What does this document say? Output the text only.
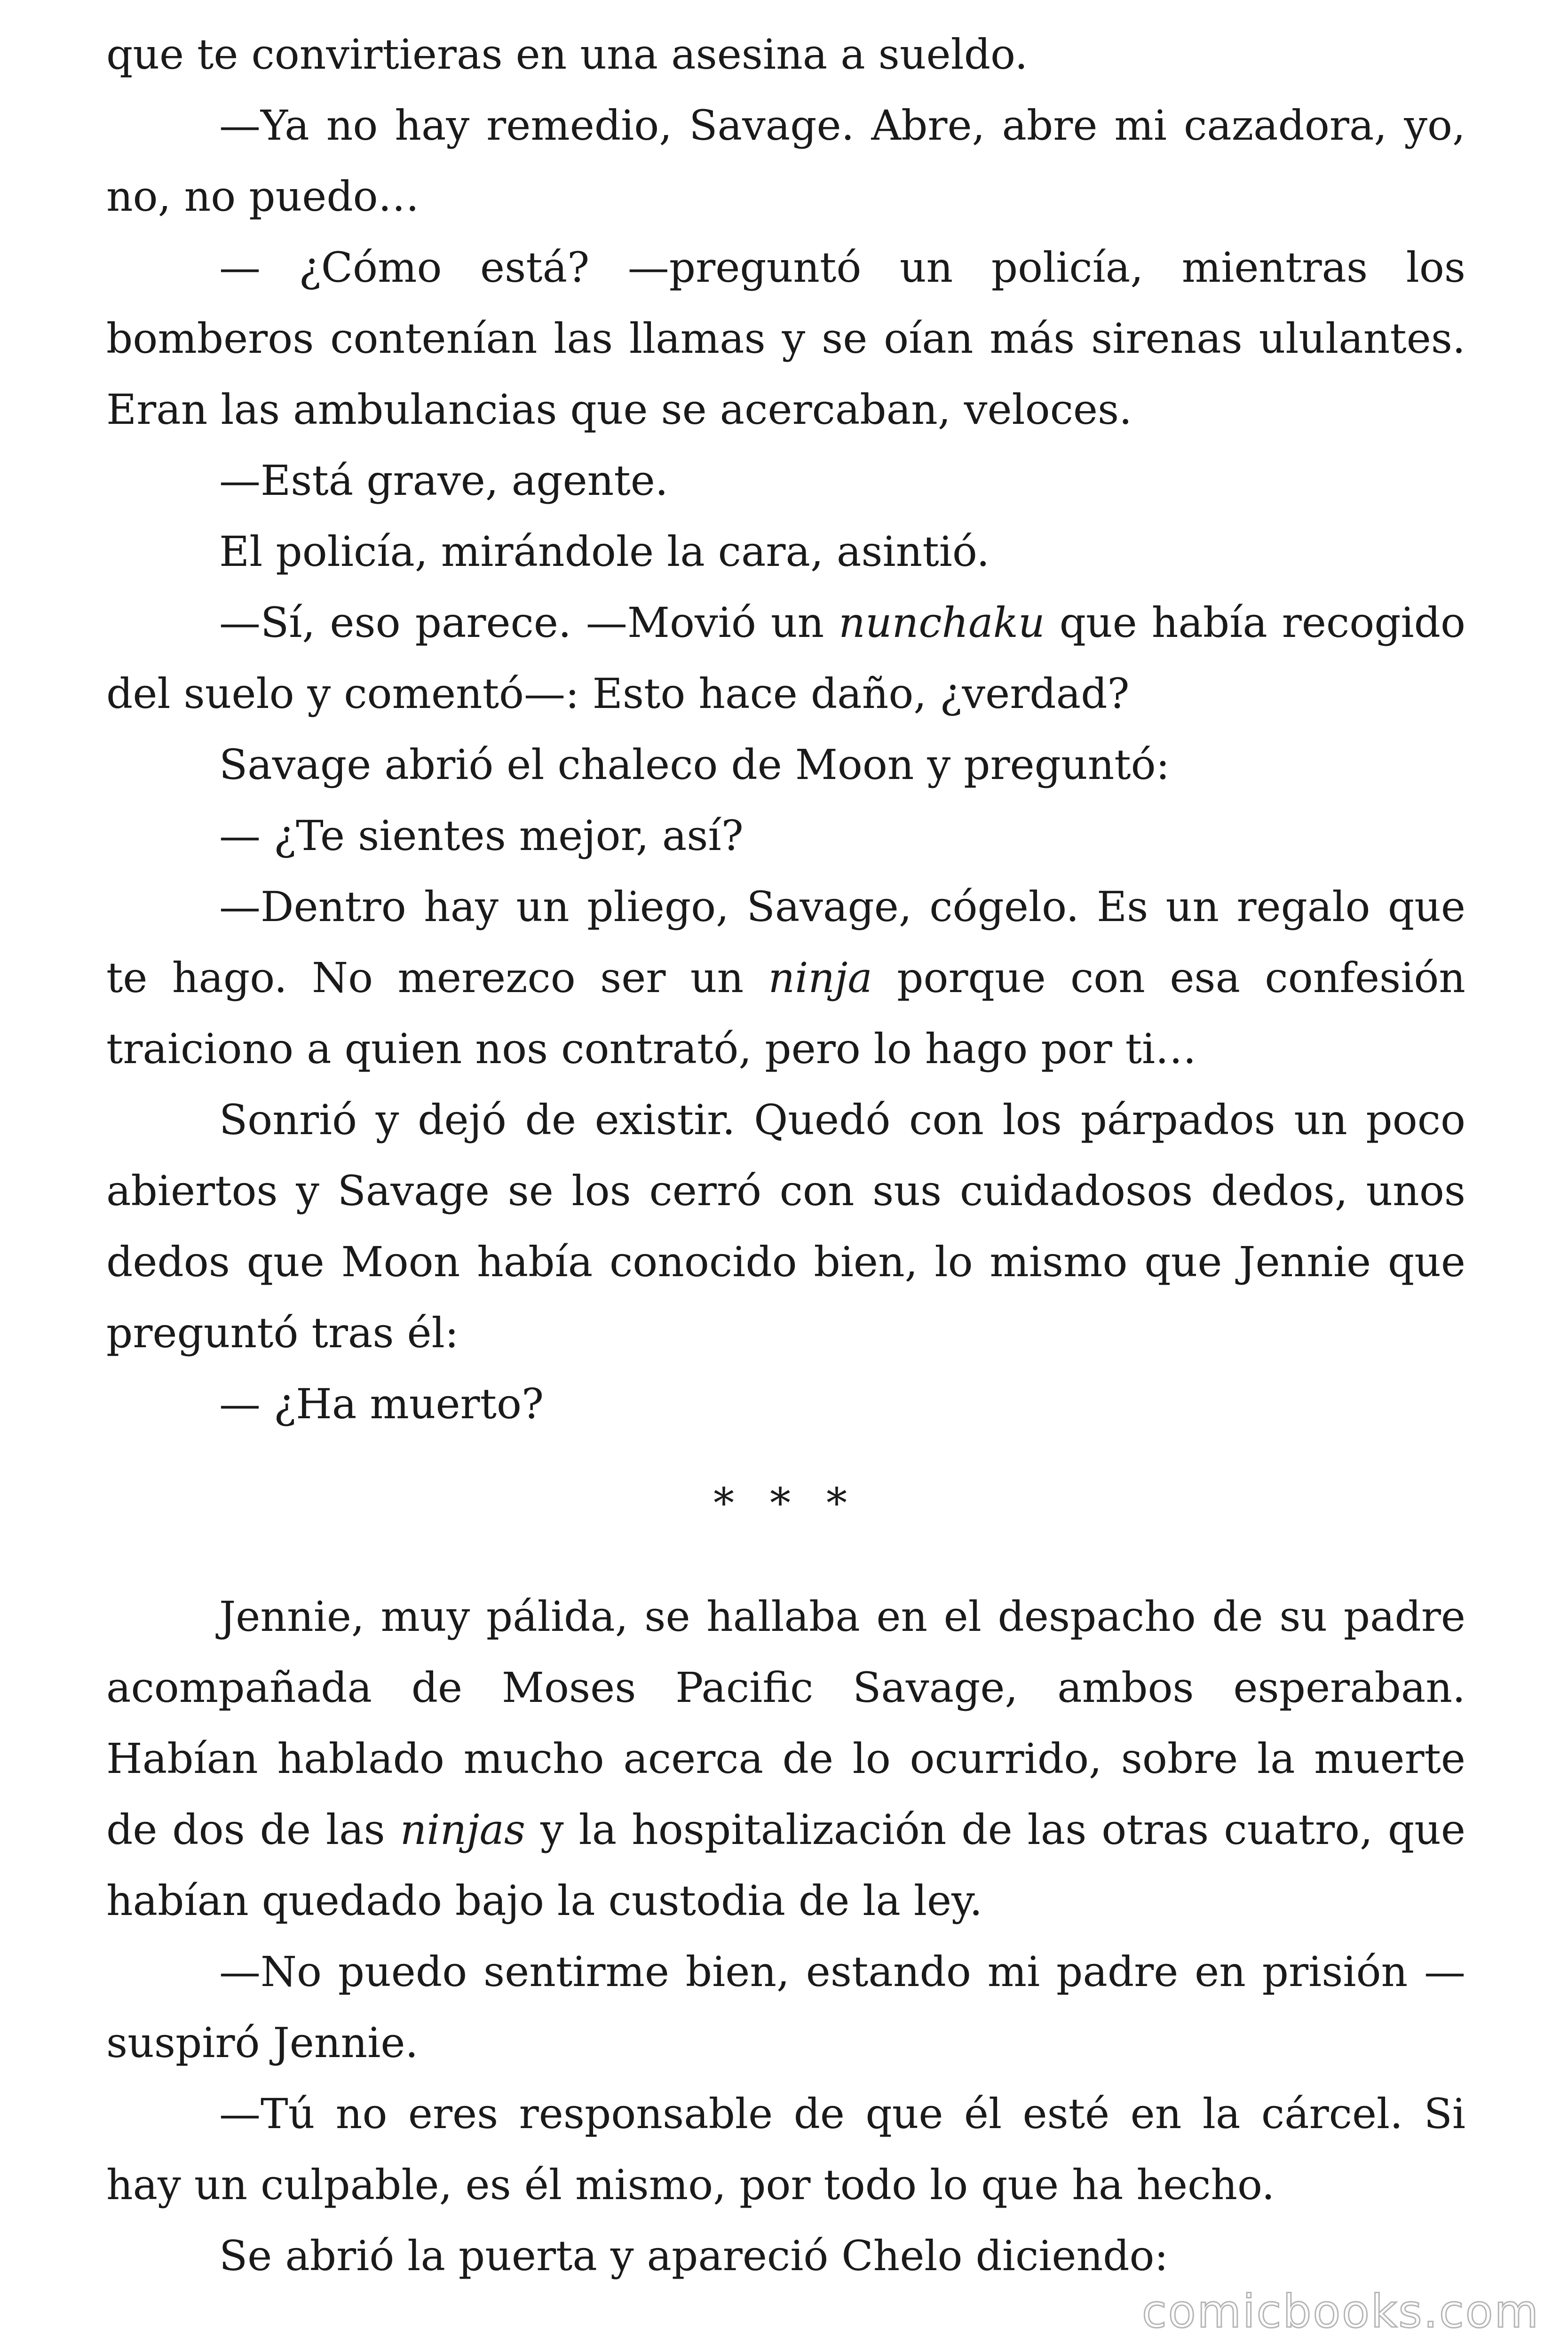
que te convirtieras en una asesina a sueldo.

—Ya no hay remedio, Savage. Abre, abre mi cazadora, yo, no, no puedo…

— ¿Cómo está? —preguntó un policía, mientras los bomberos contenían las llamas y se oían más sirenas ululantes. Eran las ambulancias que se acercaban, veloces.

—Está grave, agente.

El policía, mirándole la cara, asintió.

—Sí, eso parece. —Movió un nunchaku que había recogido del suelo y comentó—: Esto hace daño, ¿verdad?

Savage abrió el chaleco de Moon y preguntó:

— ¿Te sientes mejor, así?

—Dentro hay un pliego, Savage, cógelo. Es un regalo que te hago. No merezco ser un ninja porque con esa confesión traiciono a quien nos contrató, pero lo hago por ti…

Sonrió y dejó de existir. Quedó con los párpados un poco abiertos y Savage se los cerró con sus cuidadosos dedos, unos dedos que Moon había conocido bien, lo mismo que Jennie que preguntó tras él:

— ¿Ha muerto?

* * *

Jennie, muy pálida, se hallaba en el despacho de su padre acompañada de Moses Pacific Savage, ambos esperaban. Habían hablado mucho acerca de lo ocurrido, sobre la muerte de dos de las ninjas y la hospitalización de las otras cuatro, que habían quedado bajo la custodia de la ley.

—No puedo sentirme bien, estando mi padre en prisión — suspiró Jennie.

—Tú no eres responsable de que él esté en la cárcel. Si hay un culpable, es él mismo, por todo lo que ha hecho.

Se abrió la puerta y apareció Chelo diciendo:

comicbooks.com
